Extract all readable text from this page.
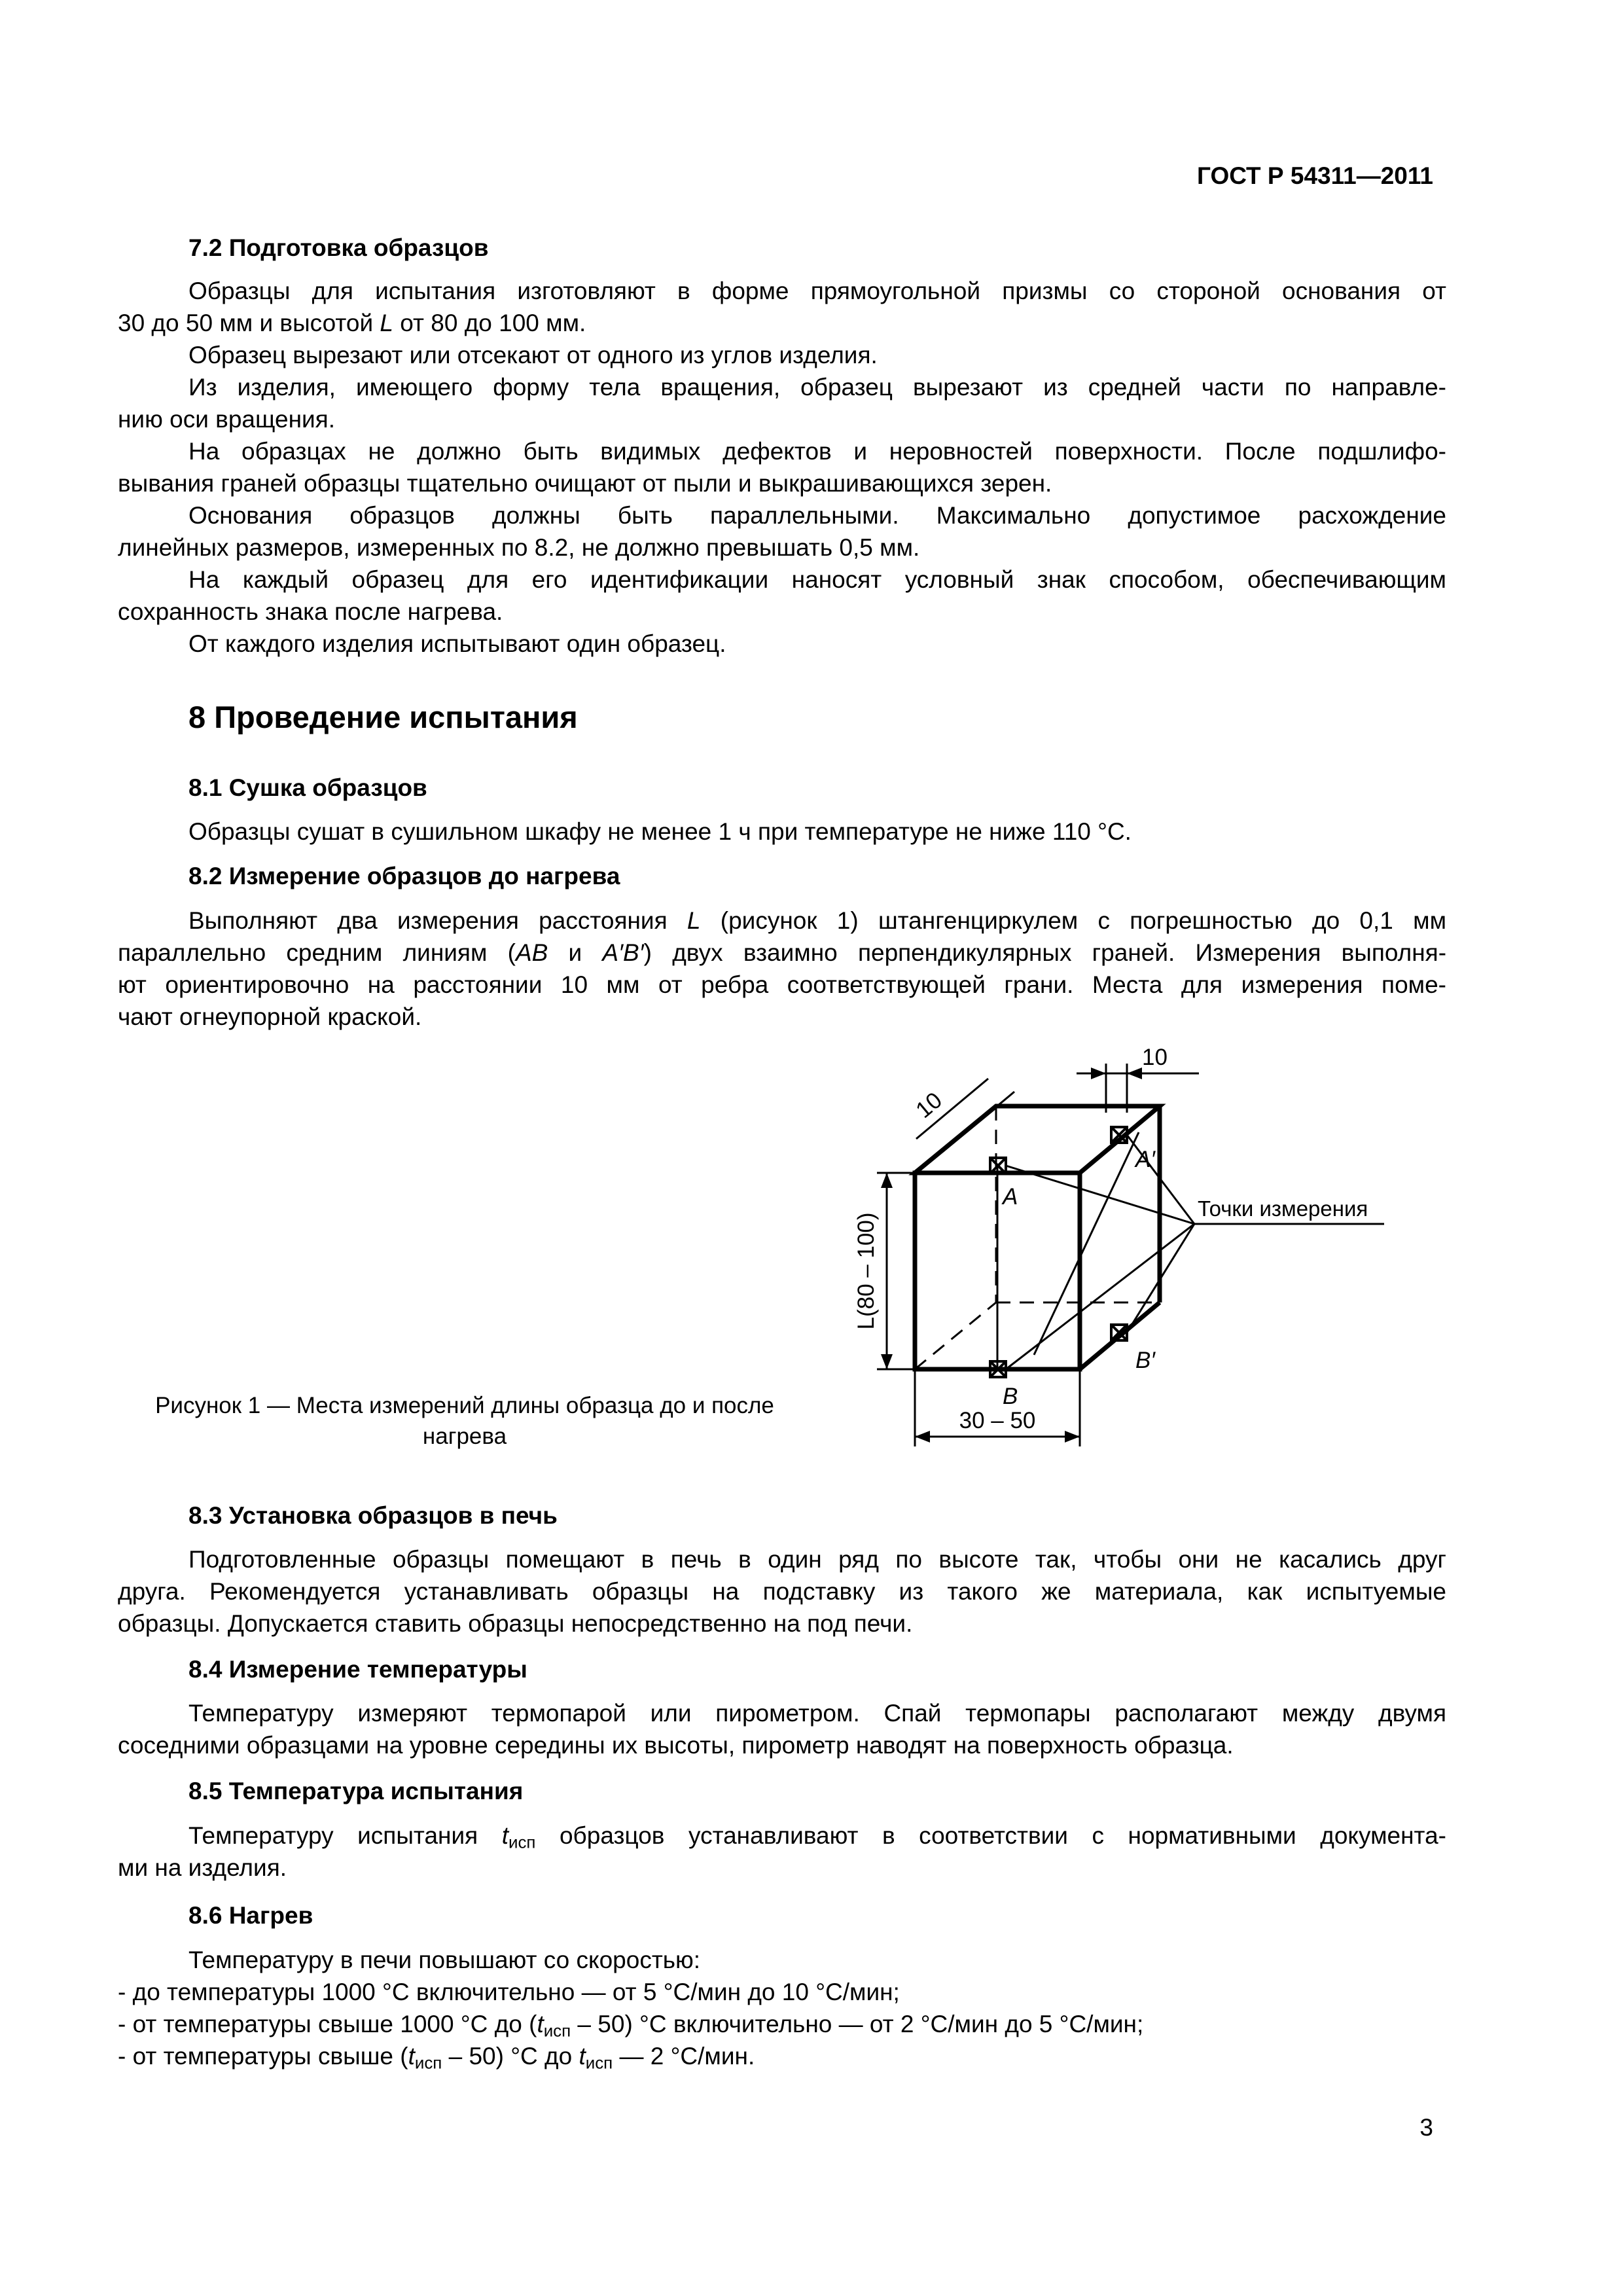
ГОСТ Р 54311—2011
7.2 Подготовка образцов
Образцы для испытания изготовляют в форме прямоугольной призмы со стороной основания от
30 до 50 мм и высотой L от 80 до 100 мм.
Образец вырезают или отсекают от одного из углов изделия.
Из изделия, имеющего форму тела вращения, образец вырезают из средней части по направле-
нию оси вращения.
На образцах не должно быть видимых дефектов и неровностей поверхности. После подшлифо-
вывания граней образцы тщательно очищают от пыли и выкрашивающихся зерен.
Основания образцов должны быть параллельными. Максимально допустимое расхождение
линейных размеров, измеренных по 8.2, не должно превышать 0,5 мм.
На каждый образец для его идентификации наносят условный знак способом, обеспечивающим
сохранность знака после нагрева.
От каждого изделия испытывают один образец.
8 Проведение испытания
8.1 Сушка образцов
Образцы сушат в сушильном шкафу не менее 1 ч при температуре не ниже 110 °С.
8.2 Измерение образцов до нагрева
Выполняют два измерения расстояния L (рисунок 1) штангенциркулем с погрешностью до 0,1 мм
параллельно средним линиям (AB и A′B′) двух взаимно перпендикулярных граней. Измерения выполня-
ют ориентировочно на расстоянии 10 мм от ребра соответствующей грани. Места для измерения поме-
чают огнеупорной краской.
10
10
L(80 – 100)
30 – 50
A
A′
B
B′
Точки измерения
Рисунок 1 — Места измерений длины образца до и после
нагрева
8.3 Установка образцов в печь
Подготовленные образцы помещают в печь в один ряд по высоте так, чтобы они не касались друг
друга. Рекомендуется устанавливать образцы на подставку из такого же материала, как испытуемые
образцы. Допускается ставить образцы непосредственно на под печи.
8.4 Измерение температуры
Температуру измеряют термопарой или пирометром. Спай термопары располагают между двумя
соседними образцами на уровне середины их высоты, пирометр наводят на поверхность образца.
8.5 Температура испытания
Температуру испытания $t_{исп}$ образцов устанавливают в соответствии с нормативными документа-
ми на изделия.
8.6 Нагрев
Температуру в печи повышают со скоростью:
- до температуры 1000 °С включительно — от 5 °С/мин до 10 °С/мин;
- от температуры свыше 1000 °С до $(t_{исп} - 50)$ °С включительно — от 2 °С/мин до 5 °С/мин;
- от температуры свыше $(t_{исп} - 50)$ °С до $t_{исп}$ — 2 °С/мин.
3
